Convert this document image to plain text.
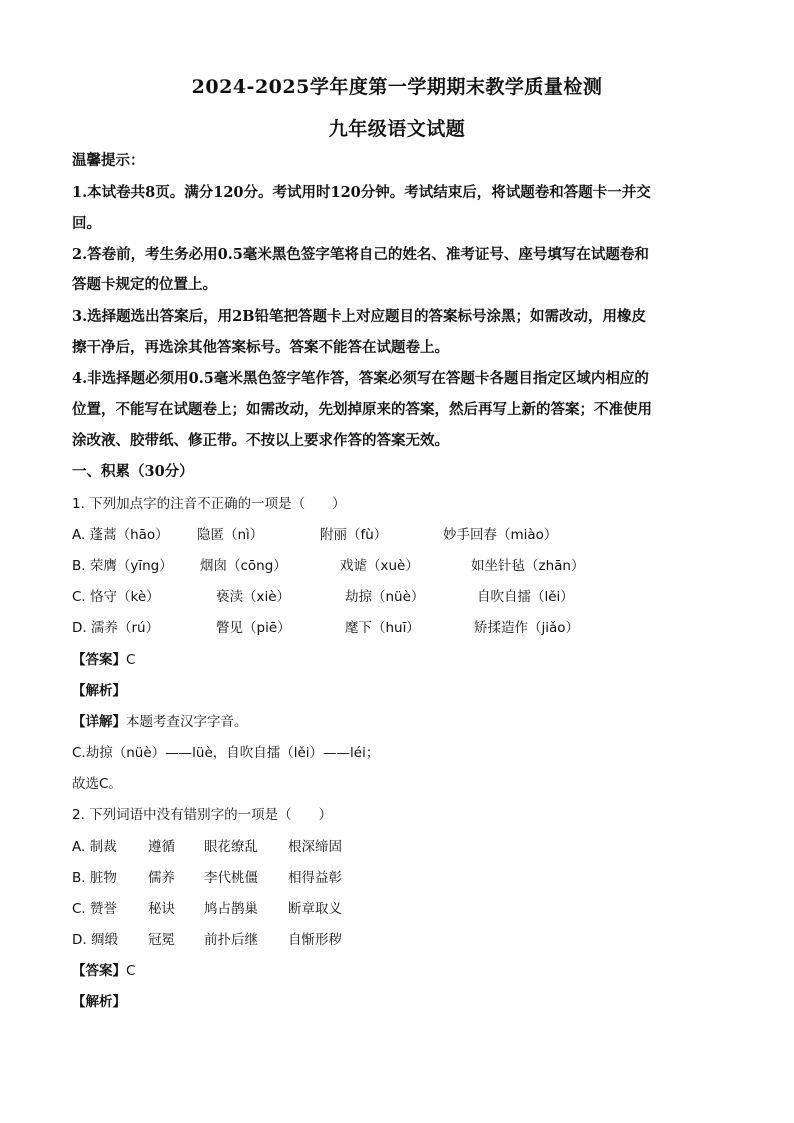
2024-2025学年度第一学期期末教学质量检测
九年级语文试题
温馨提示：
1.本试卷共8页。满分120分。考试用时120分钟。考试结束后，将试题卷和答题卡一并交
回。
2.答卷前，考生务必用0.5毫米黑色签字笔将自己的姓名、准考证号、座号填写在试题卷和
答题卡规定的位置上。
3.选择题选出答案后，用2B铅笔把答题卡上对应题目的答案标号涂黑；如需改动，用橡皮
擦干净后，再选涂其他答案标号。答案不能答在试题卷上。
4.非选择题必须用0.5毫米黑色签字笔作答，答案必须写在答题卡各题目指定区域内相应的
位置，不能写在试题卷上；如需改动，先划掉原来的答案，然后再写上新的答案；不准使用
涂改液、胶带纸、修正带。不按以上要求作答的答案无效。
一、积累（30分）
1. 下列加点字的注音不正确的一项是（　　）
A. 蓬蒿（hāo） 隐匿（nì）	附丽（fù）	妙手回春（miào）
B. 荣膺（yīng） 烟囱（cōng）	戏谑（xuè）	如坐针毡（zhān）
C. 恪守（kè）	亵渎（xiè）	劫掠（nüè）	自吹自擂（lěi）
D. 濡养（rú）	瞥见（piē）	麾下（huī）	矫揉造作（jiǎo）
【答案】C
【解析】
【详解】本题考查汉字字音。
C.劫掠（nüè）——lüè，自吹自擂（lěi）——léi；
故选C。
2. 下列词语中没有错别字的一项是（　　）
A. 制裁 遵循 眼花缭乱 根深缔固
B. 脏物 儒养 李代桃僵 相得益彰
C. 赞誉 秘诀 鸠占鹊巢 断章取义
D. 绸缎 冠冕 前扑后继 自惭形秽
【答案】C
【解析】
